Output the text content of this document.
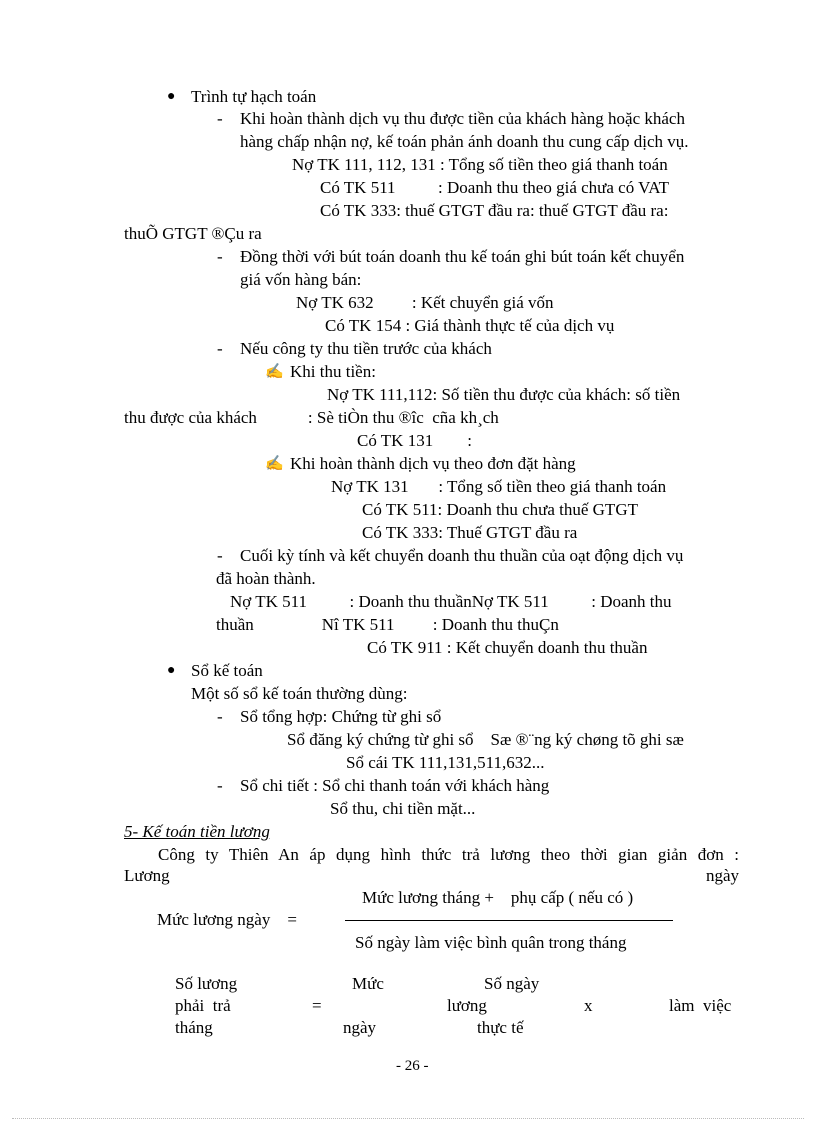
● Trình tự hạch toán
- Khi hoàn thành dịch vụ thu được tiền của khách hàng hoặc khách
hàng chấp nhận nợ, kế toán phản ánh doanh thu cung cấp dịch vụ.
Nợ TK 111, 112, 131 : Tổng số tiền theo giá thanh toán
Có TK 511          : Doanh thu theo giá chưa có VAT
Có TK 333: thuế GTGT đầu ra: thuế GTGT đầu ra:
thuÕ GTGT ®Çu ra
- Đồng thời với bút toán doanh thu kế toán ghi bút toán kết chuyển
giá vốn hàng bán:
Nợ TK 632         : Kết chuyển giá vốn
Có TK 154 : Giá thành thực tế của dịch vụ
- Nếu công ty thu tiền trước của khách
✍ Khi thu tiền:
Nợ TK 111,112: Số tiền thu được của khách: số tiền
thu được của khách            : Sè tiÒn thu ®îc  cña kh¸ch
Có TK 131        :
✍ Khi hoàn thành dịch vụ theo đơn đặt hàng
Nợ TK 131       : Tổng số tiền theo giá thanh toán
Có TK 511: Doanh thu chưa thuế GTGT
Có TK 333: Thuế GTGT đầu ra
- Cuối kỳ tính và kết chuyển doanh thu thuần của oạt động dịch vụ
đã hoàn thành.
Nợ TK 511          : Doanh thu thuầnNợ TK 511          : Doanh thu
thuần                Nî TK 511         : Doanh thu thuÇn
Có TK 911 : Kết chuyển doanh thu thuần
● Sổ kế toán
Một số sổ kế toán thường dùng:
- Sổ tổng hợp: Chứng từ ghi sổ
Sổ đăng ký chứng từ ghi sổ    Sæ ®¨ng ký chøng tõ ghi sæ
Sổ cái TK 111,131,511,632...
- Sổ chi tiết : Sổ chi thanh toán với khách hàng
Sổ thu, chi tiền mặt...
5- Kế toán tiền lương
Công ty Thiên An áp dụng hình thức trả lương theo thời gian giản đơn :
Lương	ngày
Mức lương tháng +    phụ cấp ( nếu có )
Mức lương ngày    =
Số ngày làm việc bình quân trong tháng
Số lương	Mức	Số ngày
phải  trả	=	lương	x	làm  việc
tháng	ngày	thực tế
- 26 -
